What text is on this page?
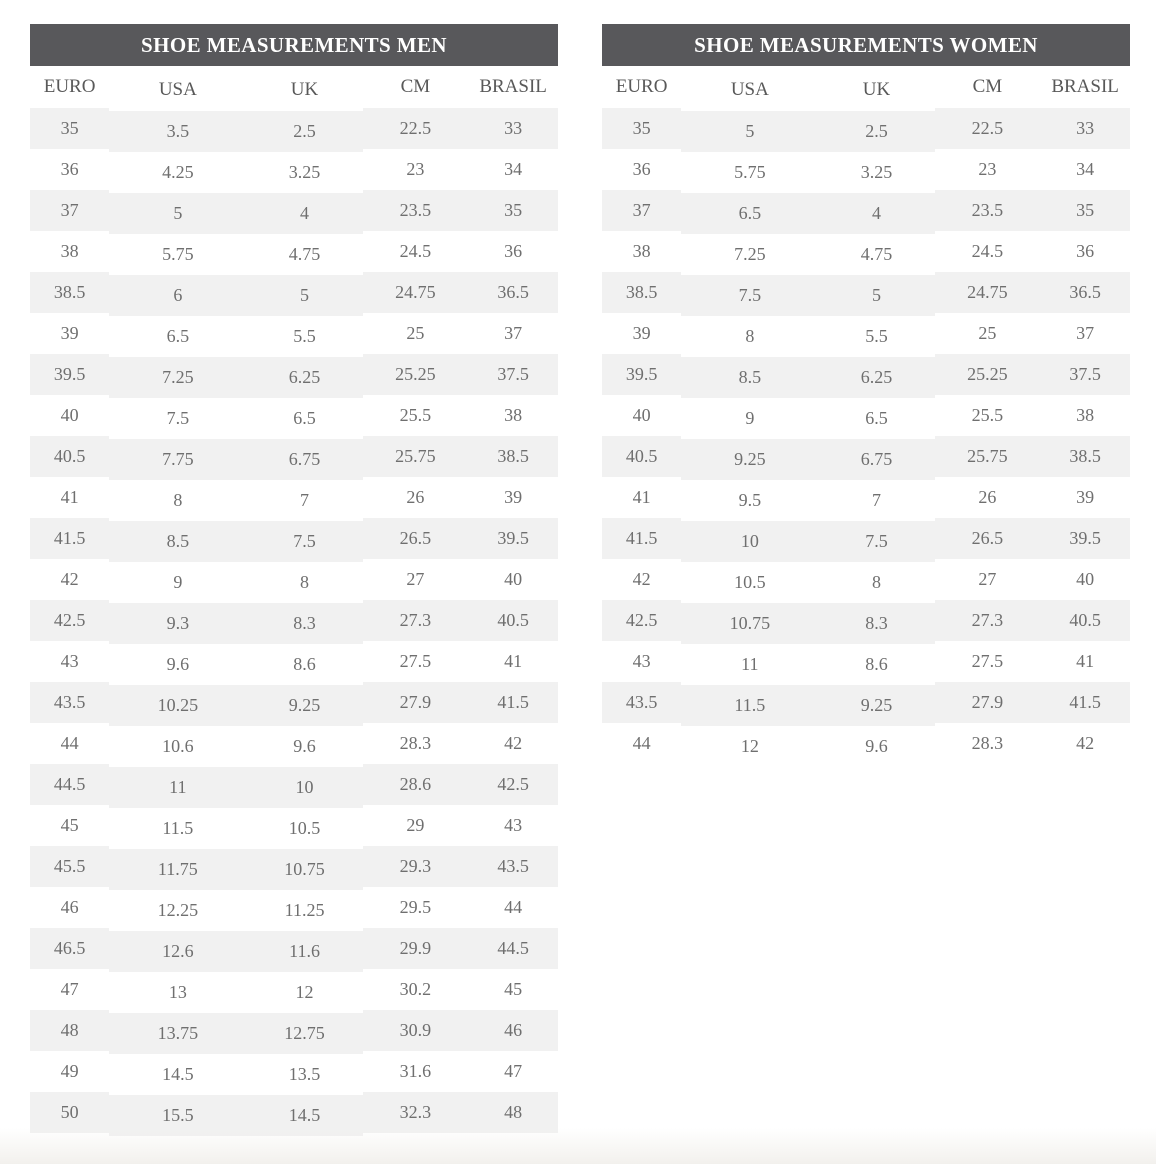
SHOE MEASUREMENTS MEN
EURO	USA	UK	CM	BRASIL
35	3.5	2.5	22.5	33
36	4.25	3.25	23	34
37	5	4	23.5	35
38	5.75	4.75	24.5	36
38.5	6	5	24.75	36.5
39	6.5	5.5	25	37
39.5	7.25	6.25	25.25	37.5
40	7.5	6.5	25.5	38
40.5	7.75	6.75	25.75	38.5
41	8	7	26	39
41.5	8.5	7.5	26.5	39.5
42	9	8	27	40
42.5	9.3	8.3	27.3	40.5
43	9.6	8.6	27.5	41
43.5	10.25	9.25	27.9	41.5
44	10.6	9.6	28.3	42
44.5	11	10	28.6	42.5
45	11.5	10.5	29	43
45.5	11.75	10.75	29.3	43.5
46	12.25	11.25	29.5	44
46.5	12.6	11.6	29.9	44.5
47	13	12	30.2	45
48	13.75	12.75	30.9	46
49	14.5	13.5	31.6	47
50	15.5	14.5	32.3	48
SHOE MEASUREMENTS WOMEN
EURO	USA	UK	CM	BRASIL
35	5	2.5	22.5	33
36	5.75	3.25	23	34
37	6.5	4	23.5	35
38	7.25	4.75	24.5	36
38.5	7.5	5	24.75	36.5
39	8	5.5	25	37
39.5	8.5	6.25	25.25	37.5
40	9	6.5	25.5	38
40.5	9.25	6.75	25.75	38.5
41	9.5	7	26	39
41.5	10	7.5	26.5	39.5
42	10.5	8	27	40
42.5	10.75	8.3	27.3	40.5
43	11	8.6	27.5	41
43.5	11.5	9.25	27.9	41.5
44	12	9.6	28.3	42
